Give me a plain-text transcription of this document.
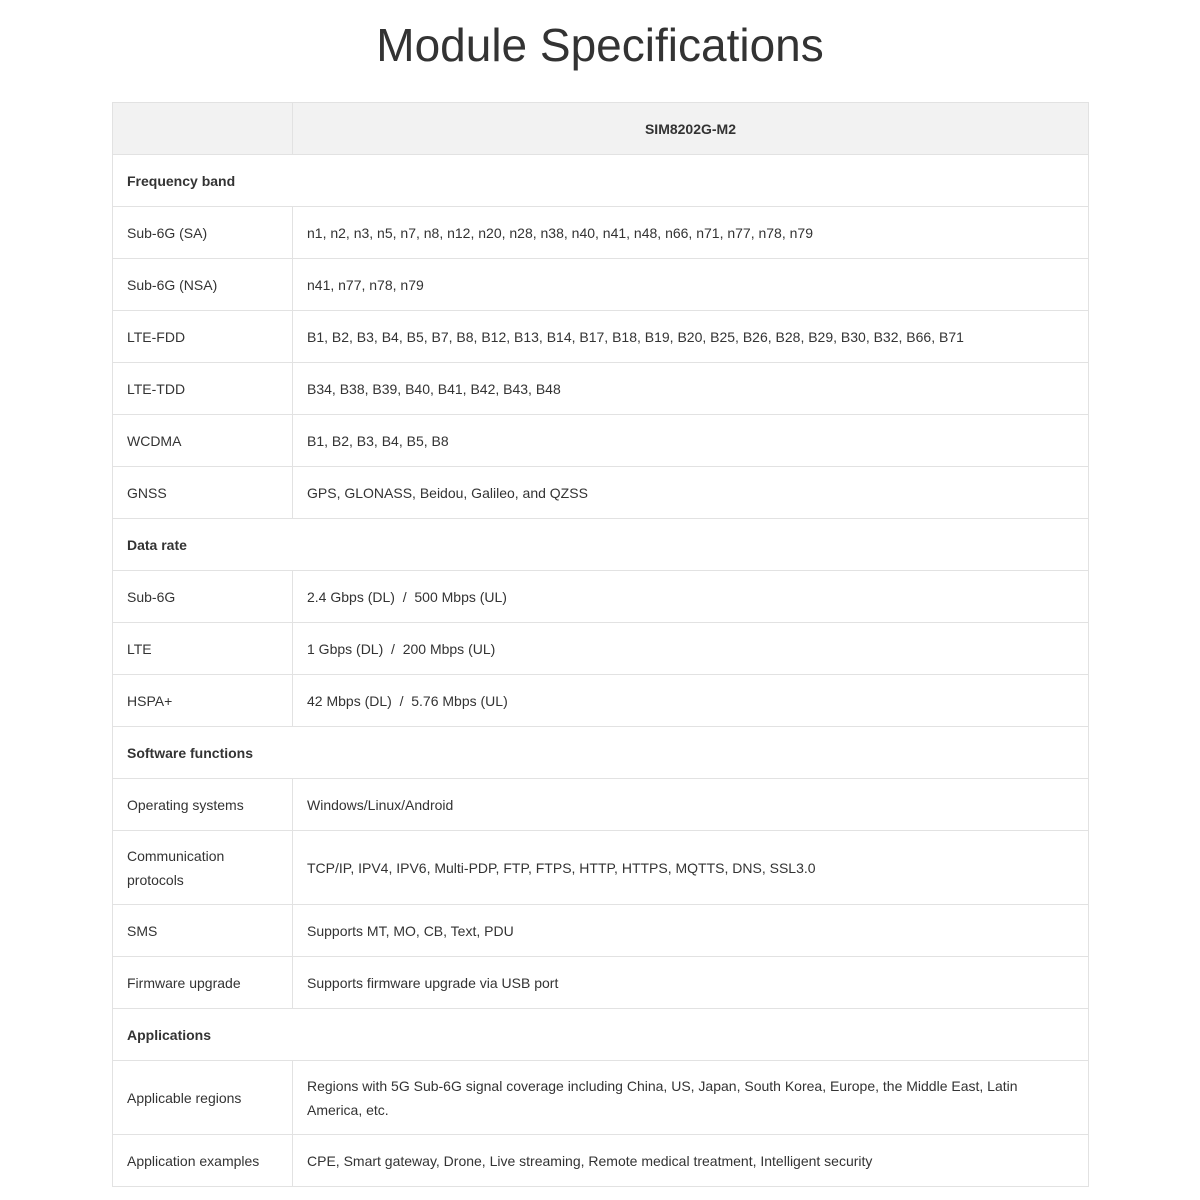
Module Specifications
	SIM8202G-M2
Frequency band	
Sub-6G (SA)	n1, n2, n3, n5, n7, n8, n12, n20, n28, n38, n40, n41, n48, n66, n71, n77, n78, n79
Sub-6G (NSA)	n41, n77, n78, n79
LTE-FDD	B1, B2, B3, B4, B5, B7, B8, B12, B13, B14, B17, B18, B19, B20, B25, B26, B28, B29, B30, B32, B66, B71
LTE-TDD	B34, B38, B39, B40, B41, B42, B43, B48
WCDMA	B1, B2, B3, B4, B5, B8
GNSS	GPS, GLONASS, Beidou, Galileo, and QZSS
Data rate	
Sub-6G	2.4 Gbps (DL)  /  500 Mbps (UL)
LTE	1 Gbps (DL)  /  200 Mbps (UL)
HSPA+	42 Mbps (DL)  /  5.76 Mbps (UL)
Software functions	
Operating systems	Windows/Linux/Android
Communication protocols	TCP/IP, IPV4, IPV6, Multi-PDP, FTP, FTPS, HTTP, HTTPS, MQTTS, DNS, SSL3.0
SMS	Supports MT, MO, CB, Text, PDU
Firmware upgrade	Supports firmware upgrade via USB port
Applications	
Applicable regions	Regions with 5G Sub-6G signal coverage including China, US, Japan, South Korea, Europe, the Middle East, Latin America, etc.
Application examples	CPE, Smart gateway, Drone, Live streaming, Remote medical treatment, Intelligent security
